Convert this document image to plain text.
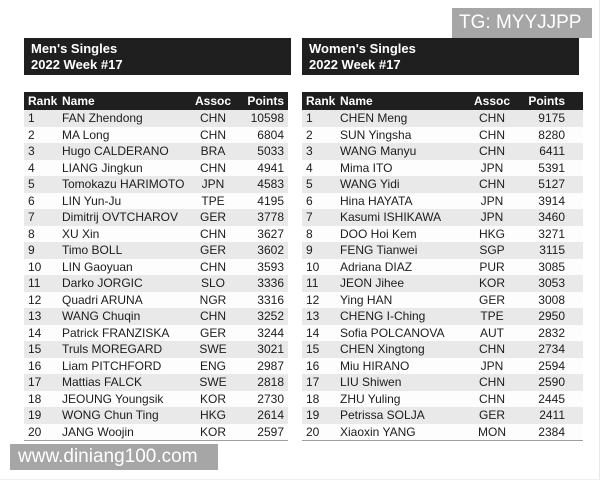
TG: MYYJJPP
Men's Singles
2022 Week #17
Rank Name	Assoc	Points
1	FAN Zhendong	CHN	10598
2	MA Long	CHN	6804
3	Hugo CALDERANO	BRA	5033
4	LIANG Jingkun	CHN	4941
5	Tomokazu HARIMOTO	JPN	4583
6	LIN Yun-Ju	TPE	4195
7	Dimitrij OVTCHAROV	GER	3778
8	XU Xin	CHN	3627
9	Timo BOLL	GER	3602
10	LIN Gaoyuan	CHN	3593
11	Darko JORGIC	SLO	3336
12	Quadri ARUNA	NGR	3316
13	WANG Chuqin	CHN	3252
14	Patrick FRANZISKA	GER	3244
15	Truls MOREGARD	SWE	3021
16	Liam PITCHFORD	ENG	2987
17	Mattias FALCK	SWE	2818
18	JEOUNG Youngsik	KOR	2730
19	WONG Chun Ting	HKG	2614
20	JANG Woojin	KOR	2597
Women's Singles
2022 Week #17
Rank Name	Assoc	Points
1	CHEN Meng	CHN	9175
2	SUN Yingsha	CHN	8280
3	WANG Manyu	CHN	6411
4	Mima ITO	JPN	5391
5	WANG Yidi	CHN	5127
6	Hina HAYATA	JPN	3914
7	Kasumi ISHIKAWA	JPN	3460
8	DOO Hoi Kem	HKG	3271
9	FENG Tianwei	SGP	3115
10	Adriana DIAZ	PUR	3085
11	JEON Jihee	KOR	3053
12	Ying HAN	GER	3008
13	CHENG I-Ching	TPE	2950
14	Sofia POLCANOVA	AUT	2832
15	CHEN Xingtong	CHN	2734
16	Miu HIRANO	JPN	2594
17	LIU Shiwen	CHN	2590
18	ZHU Yuling	CHN	2445
19	Petrissa SOLJA	GER	2411
20	Xiaoxin YANG	MON	2384
www.diniang100.com
